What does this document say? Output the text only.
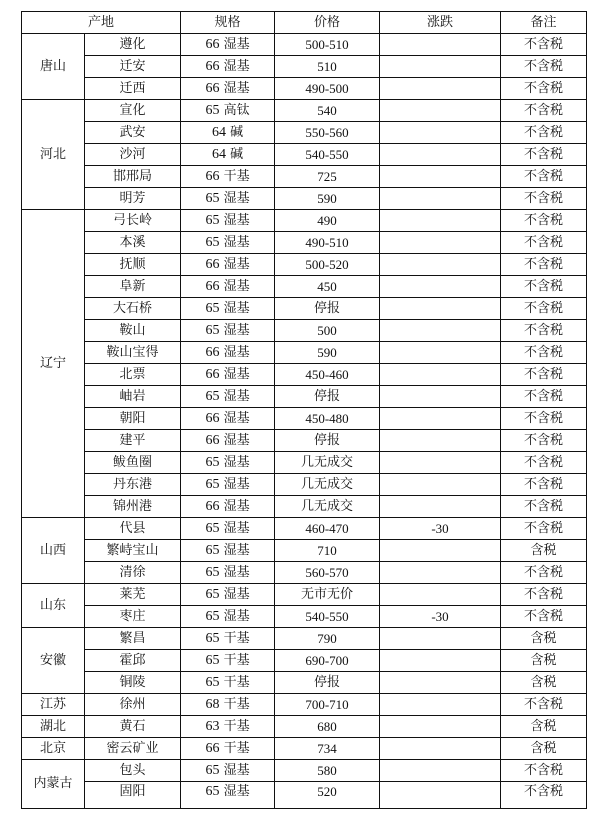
产地		规格	价格	涨跌	备注
唐山	遵化	66 湿基	500-510		不含税
	迁安	66 湿基	510		不含税
	迁西	66 湿基	490-500		不含税
河北	宣化	65 高钛	540		不含税
	武安	64 碱	550-560		不含税
	沙河	64 碱	540-550		不含税
	邯邢局	66 干基	725		不含税
	明芳	65 湿基	590		不含税
辽宁	弓长岭	65 湿基	490		不含税
	本溪	65 湿基	490-510		不含税
	抚顺	66 湿基	500-520		不含税
	阜新	66 湿基	450		不含税
	大石桥	65 湿基	停报		不含税
	鞍山	65 湿基	500		不含税
	鞍山宝得	66 湿基	590		不含税
	北票	66 湿基	450-460		不含税
	岫岩	65 湿基	停报		不含税
	朝阳	66 湿基	450-480		不含税
	建平	66 湿基	停报		不含税
	鲅鱼圈	65 湿基	几无成交		不含税
	丹东港	65 湿基	几无成交		不含税
	锦州港	66 湿基	几无成交		不含税
山西	代县	65 湿基	460-470	-30	不含税
	繁峙宝山	65 湿基	710		含税
	清徐	65 湿基	560-570		不含税
山东	莱芜	65 湿基	无市无价		不含税
	枣庄	65 湿基	540-550	-30	不含税
安徽	繁昌	65 干基	790		含税
	霍邱	65 干基	690-700		含税
	铜陵	65 干基	停报		含税
江苏	徐州	68 干基	700-710		不含税
湖北	黄石	63 干基	680		含税
北京	密云矿业	66 干基	734		含税
内蒙古	包头	65 湿基	580		不含税
	固阳	65 湿基	520		不含税
